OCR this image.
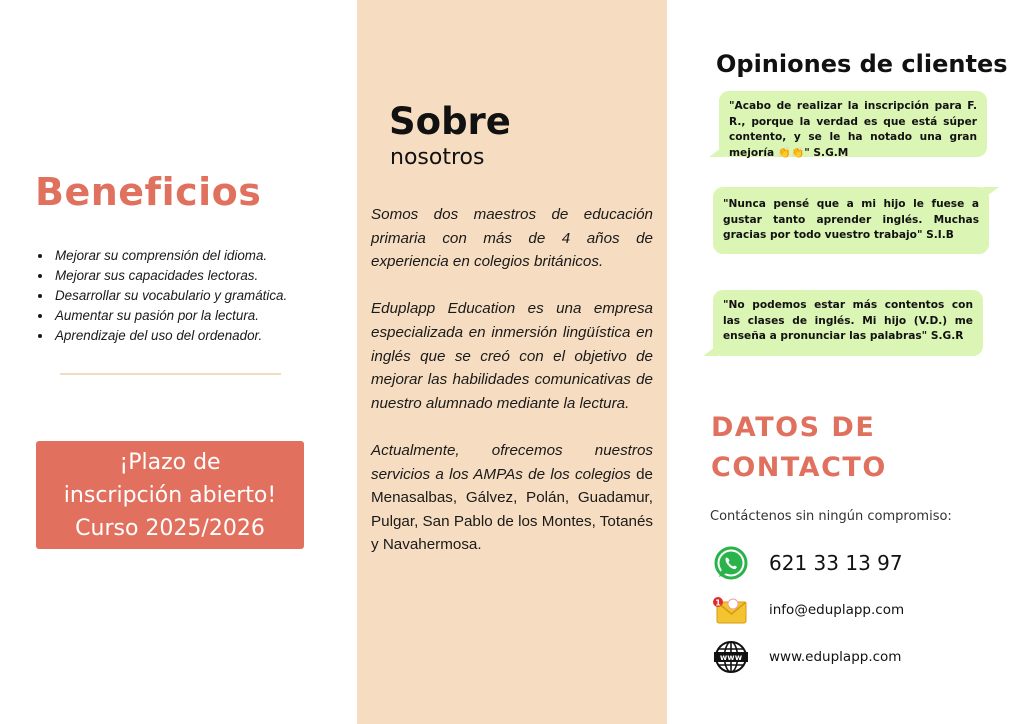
Beneficios
• Mejorar su comprensión del idioma.
• Mejorar sus capacidades lectoras.
• Desarrollar su vocabulario y gramática.
• Aumentar su pasión por la lectura.
• Aprendizaje del uso del ordenador.
¡Plazo de
inscripción abierto!
Curso 2025/2026
Sobre
nosotros

Somos dos maestros de educación primaria con más de 4 años de experiencia en colegios británicos.

Eduplapp Education es una empresa especializada en inmersión lingüística en inglés que se creó con el objetivo de mejorar las habilidades comunicativas de nuestro alumnado mediante la lectura.

Actualmente, ofrecemos nuestros servicios a los AMPAs de los colegios de Menasalbas, Gálvez, Polán, Guadamur, Pulgar, San Pablo de los Montes, Totanés y Navahermosa.

Opiniones de clientes
"Acabo de realizar la inscripción para F. R., porque la verdad es que está súper contento, y se le ha notado una gran mejoría 👏👏" S.G.M
"Nunca pensé que a mi hijo le fuese a gustar tanto aprender inglés. Muchas gracias por todo vuestro trabajo" S.I.B
"No podemos estar más contentos con las clases de inglés. Mi hijo (V.D.) me enseña a pronunciar las palabras" S.G.R
DATOS DE
CONTACTO
Contáctenos sin ningún compromiso:
621 33 13 97
1	info@eduplapp.com
www www.eduplapp.com
